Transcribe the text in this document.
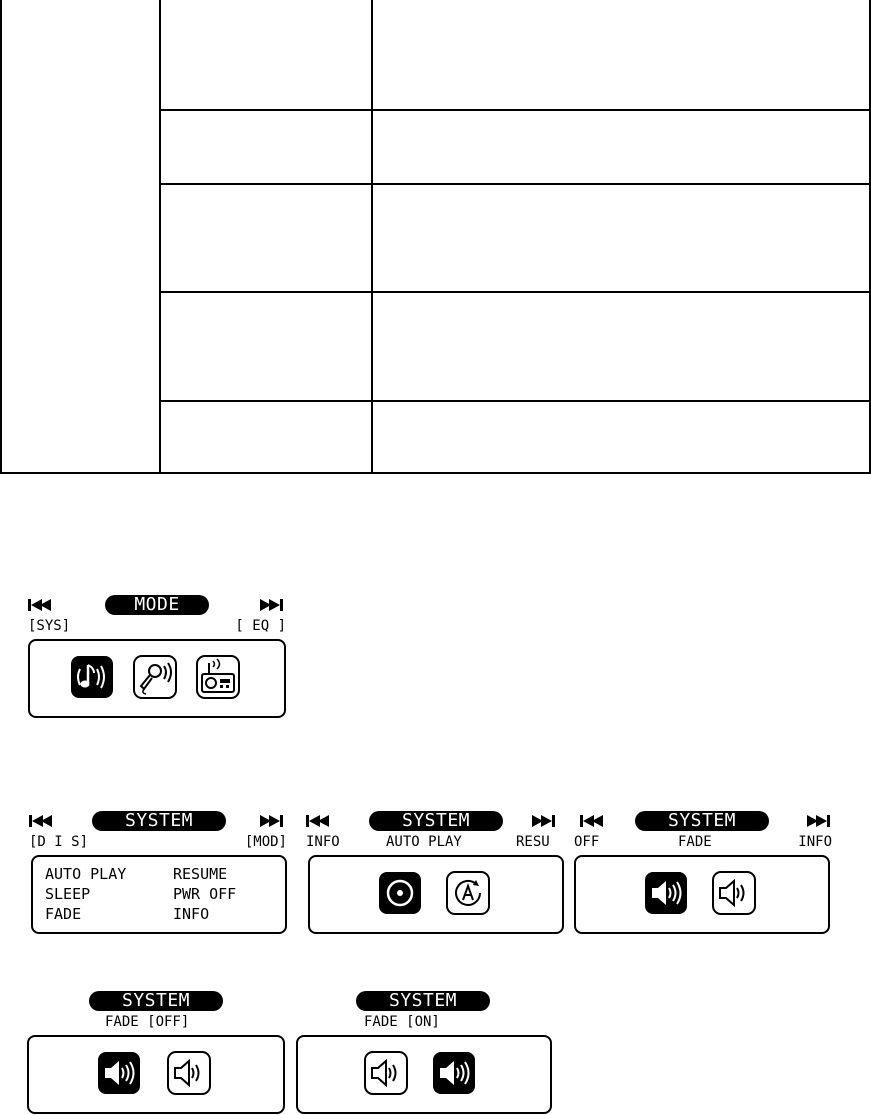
MODE
[SYS]	[ EQ ]
SYSTEM
[D I S]	[MOD]
AUTO PLAY	RESUME
SLEEP	PWR OFF
FADE	INFO
SYSTEM
INFO	AUTO PLAY	RESU
SYSTEM
OFF	FADE	INFO
SYSTEM
FADE [OFF]
SYSTEM
FADE [ON]
